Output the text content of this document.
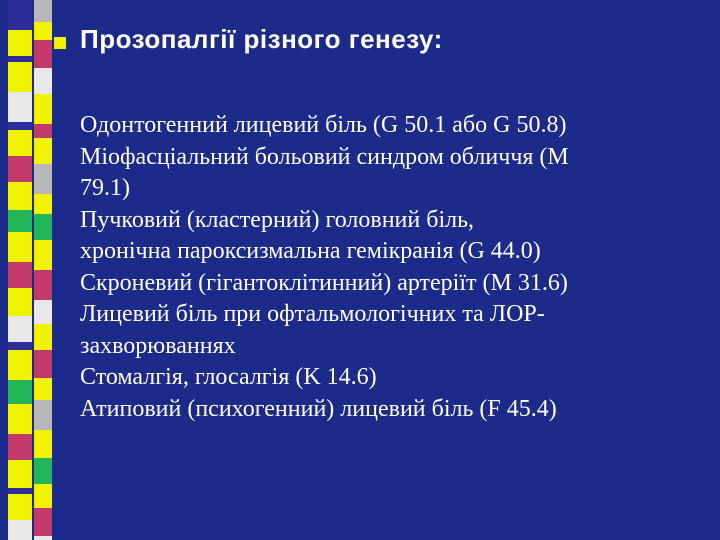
Прозопалгії різного генезу:
Одонтогенний лицевий біль (G 50.1 або G 50.8)
Міофасціальний больовий синдром обличчя (M
79.1)
Пучковий (кластерний) головний біль,
хронічна пароксизмальна гемікранія (G 44.0)
Скроневий (гігантоклітинний) артеріїт (M 31.6)
Лицевий біль при офтальмологічних та ЛОР-
захворюваннях
Стомалгія, глосалгія (K 14.6)
Атиповий (психогенний) лицевий біль (F 45.4)
